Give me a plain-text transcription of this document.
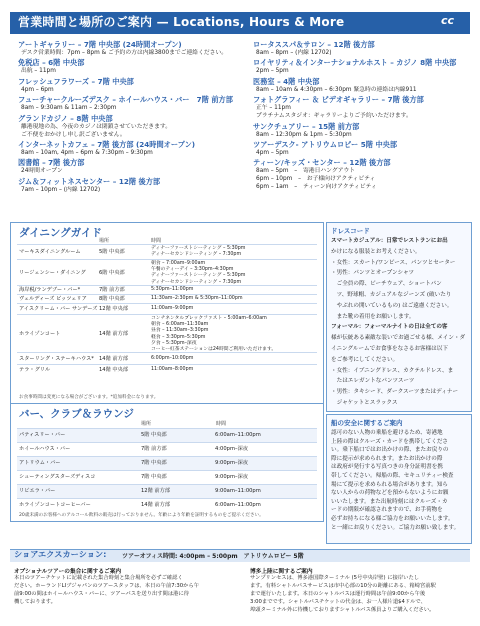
営業時間と場所のご案内 — Locations, Hours & More	cc
アートギャラリー – 7階 中央部 (24時間オープン)
デスク営業時間：7pm – 8pm & ご予約の方は内線3800までご連絡ください。
免税店 – 6階 中央部
出航 – 11pm
フレッシュフラワーズ – 7階 中央部
4pm – 6pm
フューチャークルーズデスク – ホイールハウス・バー　7階 前方部
8am – 9:30am & 11am – 2:30pm
グランドカジノ – 8階 中央部
離港現地の為、今夜のカジノは閉鎖させていただきます。
ご不便をおかけし申し訳ございません。
インターネットカフェ – 7階 後方部 (24時間オープン)
8am – 10am, 4pm – 6pm & 7:30pm – 9:30pm
図書館 – 7階 後方部
24時間オープン
ジム＆フィットネスセンター – 12階 後方部
7am – 10pm – (内線 12702)
ロータススパ＆サロン – 12階 後方部
8am – 8pm – (内線 12702)
ロイヤリティ＆インターナショナルホスト – カジノ 8階 中央部
2pm – 5pm
医務室 – 4階 中央部
8am – 10am & 4:30pm – 6:30pm 緊急時の連絡は内線911
フォトグラフィー ＆ ビデオギャラリー – 7階 後方部
正午 – 11pm
プラチナムスタジオ：ギャラリーよりご予約いただけます。
サンクチュアリー – 15階 前方部
8am – 12:30pm & 1pm – 5:30pm
ツアーデスク- アトリウムロビー 5階 中央部
4pm – 5pm
ティーン/キッズ・センター – 12階 後方部
8am – 5pm　–　寄港日ハングアウト
6pm – 10pm　–　お子様向けアクティビティ
6pm – 1am　–　ティーン向けアクティビティ
ダイニングガイド
場所	時間
マーキスダイニングルーム	5階 中央部
ディナーファーストシーティング – 5:30pm
ディナーセカンドシーティング – 7:30pm
リージェンシー・ダイニング	6階 中央部
朝食 – 7:00am–9:00am
午餐のティーデイ – 3:30pm–4:30pm
ディナーファーストシーティング – 5:30pm
ディナーセカンドシーティング – 7:30pm
海岸税/ランデブー・バー*	7階 前方部	5:30pm–11:00pm
ヴェルディーズ ピッツェリア 8階 中央部	11:30am–2:30pm & 5:30pm–11:00pm
アイスクリーム・バー サンデーズ 12階 中央部	11:00am–9:00pm
ホライゾンコート	14階 前方部
コンチネンタルブレックファスト – 5:00am–6:00am
朝食 – 6:00am–11:30am
昼食 – 11:30am–3:30pm
軽食 – 3:30pm–5:30pm
夕食 – 5:30pm–深夜
コーヒー紅茶ステーションは24時間ご利用いただけます。
スターリング・ステーキハウス* 14階 前方部	6:00pm–10:00pm
テラ・グリル	14階 中央部	11:00am–8:00pm
お食事時間は変更になる場合がございます。*追加料金になります。
バー、クラブ＆ラウンジ
場所	時間
パティスリー・バー	5階 中央部	6:00am–11:00pm
ホイールハウス・バー	7階 前方部	4:00pm–深夜
アトリウム・バー	7階 中央部	9:00pm–深夜
シューティングスターズディスコ	7階 中央部	9:00pm–深夜
リビエラ・バー	12階 前方部	9:00am–11:00pm
ホライゾンコートコーヒーバー	14階 前方部	6:00am–11:00pm
20歳未満のお客様へのアルコール飲料の販売は行っておりません。年齢により年齢を証明するものをご提示ください。
ドレスコード
スマートカジュアル：日常でレストランにお出
かけになる服装とお考えください。
・女性：スカート/ワンピース、パンツとセーター
・男性：パンツとオープンシャツ
　ご全員の際、ビーチウェア、ショートパン
　ツ、野球帽、カジュアルなジーンズ (破いたり
　やぶれの開いているもの) はご遠慮ください。
　また靴の着用をお願いします。
フォーマル：フォーマルナイトの日は全ての客
様が伝統ある素敵な装いでお過ごせる様、メイン・ダ
イニングルームでお食事をなさるお客様は以下
をご参考にしてください。
・女性：イブニングドレス、カクテルドレス、ま
　たはエレガントなパンツスーツ
・男性：タキシード、ダークスーツまたはディナー
　ジャケットとスラックス
船の安全に関するご案内
認可のない人物の乗船を避けるため、寄港地
上陸の際はクルーズ・カードを携帯してくださ
い。乗下船口ではお出かけの際、またお戻りの
際に提示が求められます。またお出かけの際
は政府が発行する写真つきの身分証明書を携
帯してください。帰船の際、セキュリティー検査
場にて提示を求められる場合があります。知ら
ない人からの荷物などを預からないようにお願
いいたします。また出航時刻にはクルーズ・カ
ードの期限が確認されますので、お手荷物を
必ずお持ちになる様ご協力をお願いいたします。
と一緒にお戻りください。ご協力お願い致します。
ショアエクスカーション:	ツアーオフィス時間: 4:00pm – 5:00pm　アトリウムロビー 5階
オプショナルツアーの集合に関するご案内
本日のツアーチケットに記載された集合時刻と集合場所を必ずご確認く
ださい。ホーランドLIブジャパンのツアースタッフは、本日の午前7:30から午
前9:00の間はホイールハウス・バーに、ツアーバスを送り出す間は港に待
機しております。
博多上陸に関するご案内
サンプリンセスは、博多港国際ターミナル (5号中央岸壁) に接岸いたし
ます。有料シャトルバスサービスは市中心部の10分の距離にある、箱崎宮前駅
まで運行いたします。本日のシャトルバスは運行時間は午前9:00から午後
3:00までです。シャトルバスチケットの代金は、お一人様片道$4ドルで、
埠頭ターミナル外に待機しておりますシャトルバス係員よりご購入ください。
